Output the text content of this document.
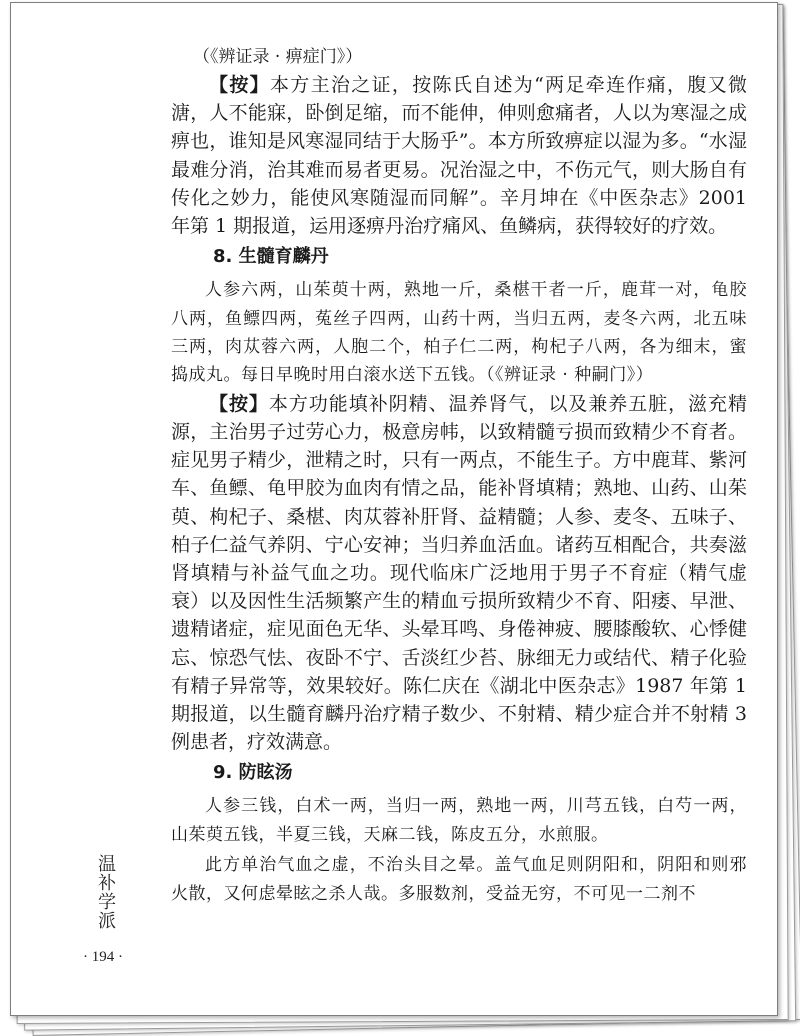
（《辨证录 · 痹症门》）

【按】本方主治之证，按陈氏自述为“两足牵连作痛，腹又微溏，人不能寐，卧倒足缩，而不能伸，伸则愈痛者，人以为寒湿之成痹也，谁知是风寒湿同结于大肠乎”。本方所致痹症以湿为多。“水湿最难分消，治其难而易者更易。况治湿之中，不伤元气，则大肠自有传化之妙力，能使风寒随湿而同解”。辛月坤在《中医杂志》2001 年第 1 期报道，运用逐痹丹治疗痛风、鱼鳞病，获得较好的疗效。

8. 生髓育麟丹

人参六两，山茱萸十两，熟地一斤，桑椹干者一斤，鹿茸一对，龟胶八两，鱼鳔四两，菟丝子四两，山药十两，当归五两，麦冬六两，北五味三两，肉苁蓉六两，人胞二个，柏子仁二两，枸杞子八两，各为细末，蜜捣成丸。每日早晚时用白滚水送下五钱。（《辨证录 · 种嗣门》）

【按】本方功能填补阴精、温养肾气，以及兼养五脏，滋充精源，主治男子过劳心力，极意房帏，以致精髓亏损而致精少不育者。症见男子精少，泄精之时，只有一两点，不能生子。方中鹿茸、紫河车、鱼鳔、龟甲胶为血肉有情之品，能补肾填精；熟地、山药、山茱萸、枸杞子、桑椹、肉苁蓉补肝肾、益精髓；人参、麦冬、五味子、柏子仁益气养阴、宁心安神；当归养血活血。诸药互相配合，共奏滋肾填精与补益气血之功。现代临床广泛地用于男子不育症（精气虚衰）以及因性生活频繁产生的精血亏损所致精少不育、阳痿、早泄、遗精诸症，症见面色无华、头晕耳鸣、身倦神疲、腰膝酸软、心悸健忘、惊恐气怯、夜卧不宁、舌淡红少苔、脉细无力或结代、精子化验有精子异常等，效果较好。陈仁庆在《湖北中医杂志》1987 年第 1 期报道，以生髓育麟丹治疗精子数少、不射精、精少症合并不射精 3 例患者，疗效满意。

9. 防眩汤

人参三钱，白术一两，当归一两，熟地一两，川芎五钱，白芍一两，山茱萸五钱，半夏三钱，天麻二钱，陈皮五分，水煎服。

此方单治气血之虚，不治头目之晕。盖气血足则阴阳和，阴阳和则邪火散，又何虑晕眩之杀人哉。多服数剂，受益无穷，不可见一二剂不

温补学派
· 194 ·
